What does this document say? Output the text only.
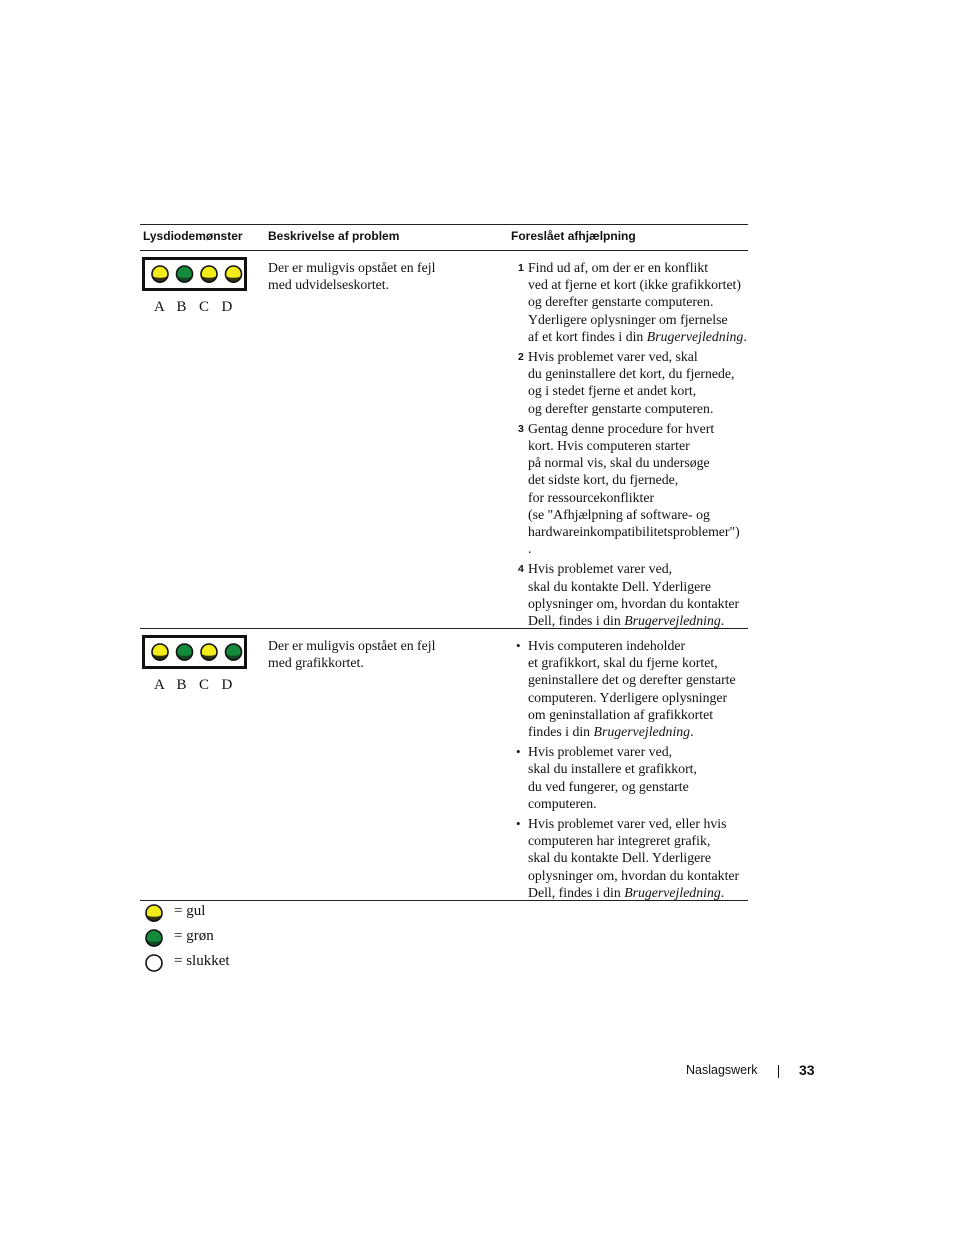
Lysdiodemønster Beskrivelse af problem	Foreslået afhjælpning
A B C D
Der er muligvis opstået en fejl
med udvidelseskortet.
1 Find ud af, om der er en konflikt
ved at fjerne et kort (ikke grafikkortet)
og derefter genstarte computeren.
Yderligere oplysninger om fjernelse
af et kort findes i din Brugervejledning.
2 Hvis problemet varer ved, skal
du geninstallere det kort, du fjernede,
og i stedet fjerne et andet kort,
og derefter genstarte computeren.
3 Gentag denne procedure for hvert
kort. Hvis computeren starter
på normal vis, skal du undersøge
det sidste kort, du fjernede,
for ressourcekonflikter
(se "Afhjælpning af software- og
hardwareinkompatibilitetsproblemer")
.
4 Hvis problemet varer ved,
skal du kontakte Dell. Yderligere
oplysninger om, hvordan du kontakter
Dell, findes i din Brugervejledning.
A B C D
Der er muligvis opstået en fejl
med grafikkortet.
• Hvis computeren indeholder
et grafikkort, skal du fjerne kortet,
geninstallere det og derefter genstarte
computeren. Yderligere oplysninger
om geninstallation af grafikkortet
findes i din Brugervejledning.
• Hvis problemet varer ved,
skal du installere et grafikkort,
du ved fungerer, og genstarte
computeren.
• Hvis problemet varer ved, eller hvis
computeren har integreret grafik,
skal du kontakte Dell. Yderligere
oplysninger om, hvordan du kontakter
Dell, findes i din Brugervejledning.
= gul
= grøn
= slukket
Naslagswerk	33
